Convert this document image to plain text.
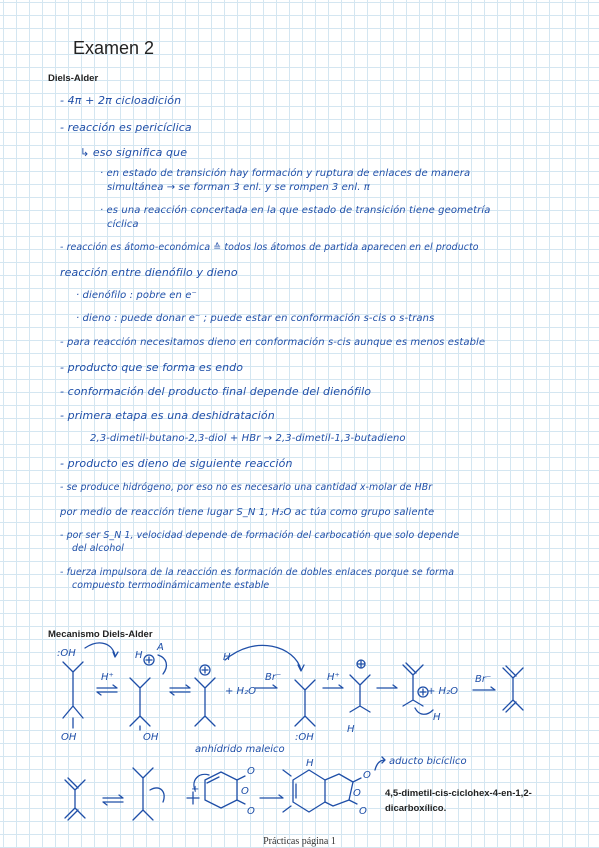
Examen 2
Diels-Alder
- 4π + 2π cicloadición
- reacción es pericíclica
↳ eso significa que
· en estado de transición hay formación y ruptura de enlaces de manera
simultánea → se forman 3 enl. y se rompen 3 enl. π
· es una reacción concertada en la que estado de transición tiene geometría
cíclica
- reacción es átomo-económica ≙ todos los átomos de partida aparecen en el producto
reacción entre dienófilo y dieno
· dienófilo : pobre en e⁻
· dieno : puede donar e⁻ ; puede estar en conformación s-cis o s-trans
- para reacción necesitamos dieno en conformación s-cis aunque es menos estable
- producto que se forma es endo
- conformación del producto final depende del dienófilo
- primera etapa es una deshidratación
2,3-dimetil-butano-2,3-diol + HBr → 2,3-dimetil-1,3-butadieno
- producto es dieno de siguiente reacción
- se produce hidrógeno, por eso no es necesario una cantidad x-molar de HBr
por medio de reacción tiene lugar S_N 1, H₂O ac túa como grupo saliente
- por ser S_N 1, velocidad depende de formación del carbocatión que solo depende
del alcohol
- fuerza impulsora de la reacción es formación de dobles enlaces porque se forma
compuesto termodinámicamente estable
Mecanismo Diels-Alder
:OH
H⁺
H
A
OH	OH
+ H₂O
Br⁻
H
H⁺
:OH
H
H
+ H₂O
Br⁻
anhídrido maleico
aducto bicíclico
H
O
O
O
O
O
O
+	4,5-dimetil-cis-ciclohex-4-en-1,2-dicarboxílico.
Prácticas página 1
